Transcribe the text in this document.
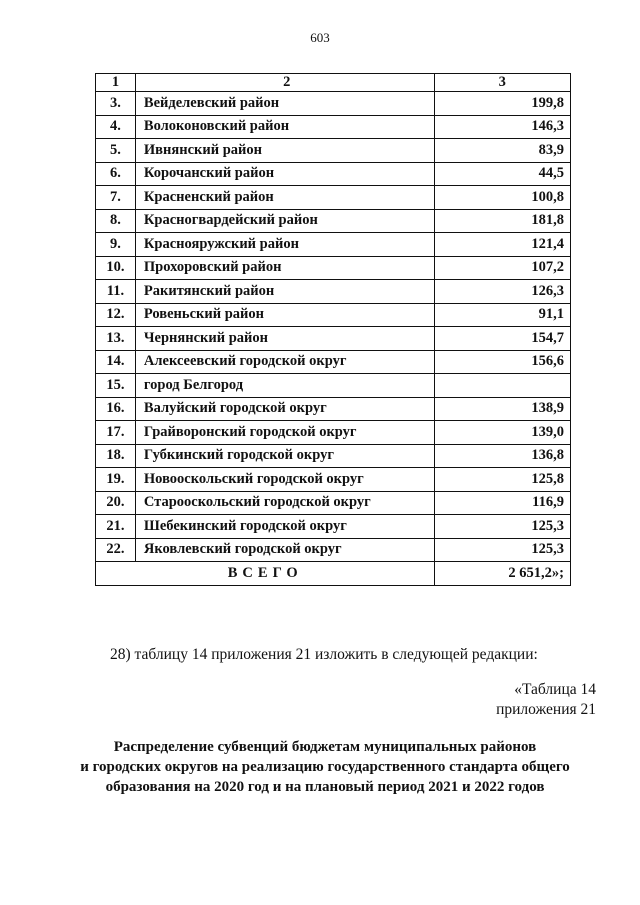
603
1	2	3
3.	Вейделевский район	199,8
4.	Волоконовский район	146,3
5.	Ивнянский район	83,9
6.	Корочанский район	44,5
7.	Красненский район	100,8
8.	Красногвардейский район	181,8
9.	Краснояружский район	121,4
10.	Прохоровский район	107,2
11.	Ракитянский район	126,3
12.	Ровеньский район	91,1
13.	Чернянский район	154,7
14.	Алексеевский городской округ	156,6
15.	город Белгород	
16.	Валуйский городской округ	138,9
17.	Грайворонский городской округ	139,0
18.	Губкинский городской округ	136,8
19.	Новооскольский городской округ	125,8
20.	Старооскольский городской округ	116,9
21.	Шебекинский городской округ	125,3
22.	Яковлевский городской округ	125,3
ВСЕГО		2 651,2»;
28) таблицу 14 приложения 21 изложить в следующей редакции:
«Таблица 14
приложения 21
Распределение субвенций бюджетам муниципальных районов
и городских округов на реализацию государственного стандарта общего
образования на 2020 год и на плановый период 2021 и 2022 годов
